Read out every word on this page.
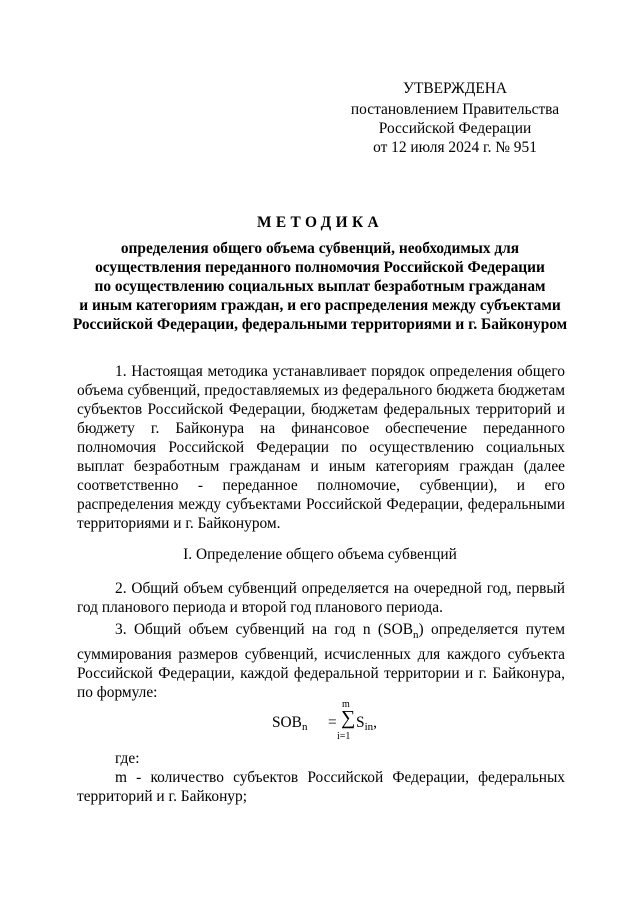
УТВЕРЖДЕНА
постановлением Правительства
Российской Федерации
от 12 июля 2024 г. № 951
МЕТОДИКА
определения общего объема субвенций, необходимых для
осуществления переданного полномочия Российской Федерации
по осуществлению социальных выплат безработным гражданам
и иным категориям граждан, и его распределения между субъектами
Российской Федерации, федеральными территориями и г. Байконуром
1. Настоящая методика устанавливает порядок определения общего объема субвенций, предоставляемых из федерального бюджета бюджетам субъектов Российской Федерации, бюджетам федеральных территорий и бюджету г. Байконура на финансовое обеспечение переданного полномочия Российской Федерации по осуществлению социальных выплат безработным гражданам и иным категориям граждан (далее соответственно - переданное полномочие, субвенции), и его распределения между субъектами Российской Федерации, федеральными территориями и г. Байконуром.
I. Определение общего объема субвенций
2. Общий объем субвенций определяется на очередной год, первый год планового периода и второй год планового периода.
3. Общий объем субвенций на год n $(SOB_n)$ определяется путем суммирования размеров субвенций, исчисленных для каждого субъекта Российской Федерации, каждой федеральной территории и г. Байконура, по формуле:
SOBn =
m
∑
i=1
Sin,
где:
m - количество субъектов Российской Федерации, федеральных территорий и г. Байконур;
